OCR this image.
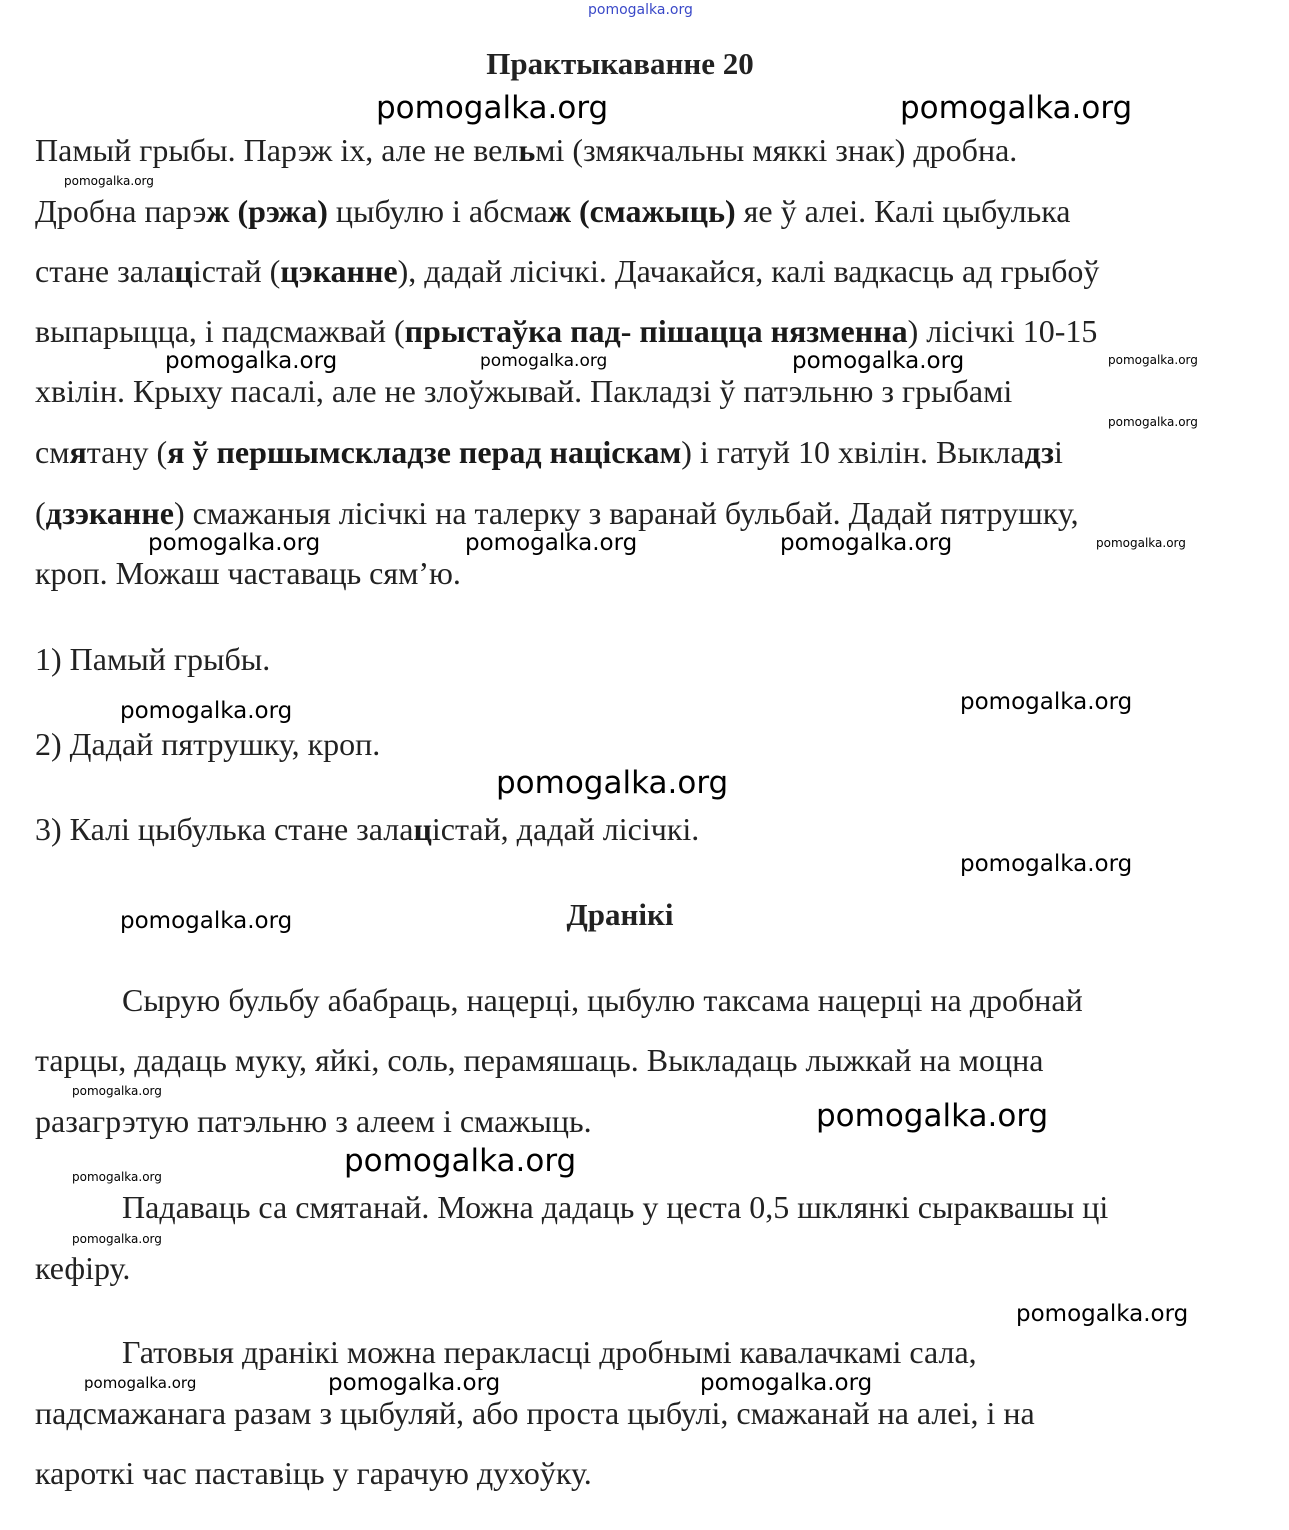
pomogalka.org
Практыкаванне 20
Памый грыбы. Парэж іх, але не вельмі (змякчальны мяккі знак) дробна.
Дробна парэж (рэжа) цыбулю і абсмаж (смажыць) яе ў алеі. Калі цыбулька
стане залацістай (цэканне), дадай лісічкі. Дачакайся, калі вадкасць ад грыбоў
выпарыцца, і падсмажвай (прыстаўка пад- пішацца нязменна) лісічкі 10-15
хвілін. Крыху пасалі, але не злоўжывай. Пакладзі ў патэльню з грыбамі
смятану (я ў першымскладзе перад націскам) і гатуй 10 хвілін. Выкладзі
(дзэканне) смажаныя лісічкі на талерку з варанай бульбай. Дадай пятрушку,
кроп. Можаш частаваць сям’ю.
1) Памый грыбы.
2) Дадай пятрушку, кроп.
3) Калі цыбулька стане залацістай, дадай лісічкі.
Дранікі
Сырую бульбу абабраць, нацерці, цыбулю таксама нацерці на дробнай
тарцы, дадаць муку, яйкі, соль, перамяшаць. Выкладаць лыжкай на моцна
разагрэтую патэльню з алеем і смажыць.
Падаваць са смятанай. Можна дадаць у цеста 0,5 шклянкі сыраквашы ці
кефіру.
Гатовыя дранікі можна перакласці дробнымі кавалачкамі сала,
падсмажанага разам з цыбуляй, або проста цыбулі, смажанай на алеі, і на
кароткі час паставіць у гарачую духоўку.
pomogalka.org	pomogalka.org
pomogalka.org
pomogalka.org
pomogalka.org	pomogalka.org	pomogalka.org
pomogalka.org
pomogalka.org	pomogalka.org	pomogalka.org	pomogalka.org
pomogalka.org
pomogalka.org
pomogalka.org
pomogalka.org
pomogalka.org
pomogalka.org
pomogalka.org
pomogalka.org
pomogalka.org
pomogalka.org
pomogalka.org
pomogalka.org	pomogalka.org	pomogalka.org
